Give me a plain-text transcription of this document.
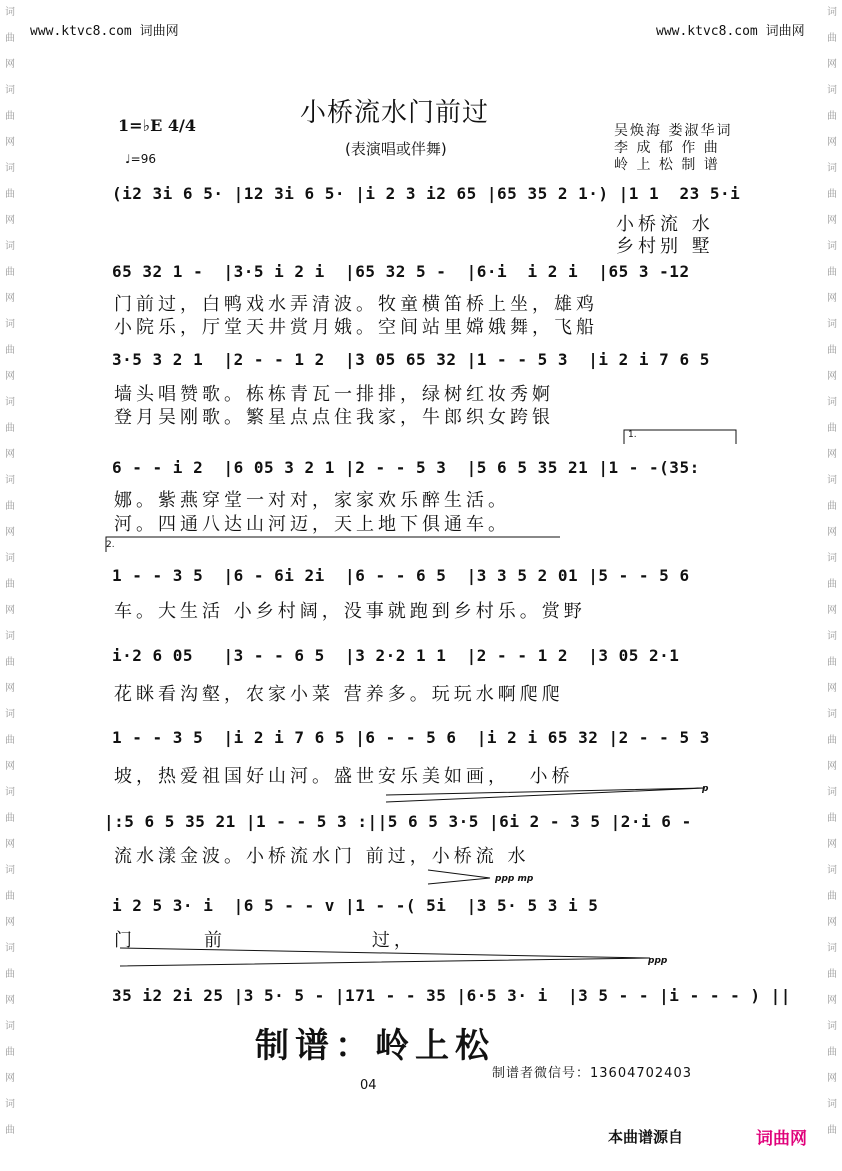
词
曲
网
词
曲
网
词
曲
网
词
曲
网
词
曲
网
词
曲
网
词
曲
网
词
曲
网
词
曲
网
词
曲
网
词
曲
网
词
曲
网
词
曲
网
词
曲
网
词
曲
词
曲
网
词
曲
网
词
曲
网
词
曲
网
词
曲
网
词
曲
网
词
曲
网
词
曲
网
词
曲
网
词
曲
网
词
曲
网
词
曲
网
词
曲
网
词
曲
网
词
曲
www.ktvc8.com 词曲网	www.ktvc8.com 词曲网
小桥流水门前过
(表演唱或伴舞)
1=♭E 4/4
♩=96
吴焕海 娄淑华词
李 成 郁 作 曲
岭 上 松 制 谱
(i2 3i 6 5· |12 3i 6 5· |i 2 3 i2 65 |65 35 2 1·) |1 1  23 5·i
小桥流 水
乡村别 墅
65 32 1 -  |3·5 i 2 i  |65 32 5 -  |6·i  i 2 i  |65 3 -12
门前过，白鸭戏水弄清波。牧童横笛桥上坐，雄鸡
小院乐，厅堂天井赏月娥。空间站里嫦娥舞，飞船
3·5 3 2 1  |2 - - 1 2  |3 05 65 32 |1 - - 5 3  |i 2 i 7 6 5
墙头唱赞歌。栋栋青瓦一排排，绿树红妆秀婀
登月吴刚歌。繁星点点住我家，牛郎织女跨银
1.
6 - - i 2  |6 05 3 2 1 |2 - - 5 3  |5 6 5 35 21 |1 - -(35:
娜。紫燕穿堂一对对，家家欢乐醉生活。
河。四通八达山河迈，天上地下俱通车。
2.
1 - - 3 5  |6 - 6i 2i  |6 - - 6 5  |3 3 5 2 01 |5 - - 5 6
车。大生活 小乡村阔，没事就跑到乡村乐。赏野
i·2 6 05   |3 - - 6 5  |3 2·2 1 1  |2 - - 1 2  |3 05 2·1
花眯看沟壑，农家小菜 营养多。玩玩水啊爬爬
1 - - 3 5  |i 2 i 7 6 5 |6 - - 5 6  |i 2 i 65 32 |2 - - 5 3
坡，热爱祖国好山河。盛世安乐美如画，  小桥
p
|:5 6 5 35 21 |1 - - 5 3 :||5 6 5 3·5 |6i 2 - 3 5 |2·i 6 -
流水漾金波。小桥流水门 前过，小桥流 水
ppp mp
i 2 5 3· i  |6 5 - - v |1 - -( 5i  |3 5· 5 3 i 5
门       前               过，
ppp
35 i2 2i 25 |3 5· 5 - |171 - - 35 |6·5 3· i  |3 5 - - |i - - - ) ||
制谱：岭上松
制谱者微信号：13604702403
04
本曲谱源自	词曲网
